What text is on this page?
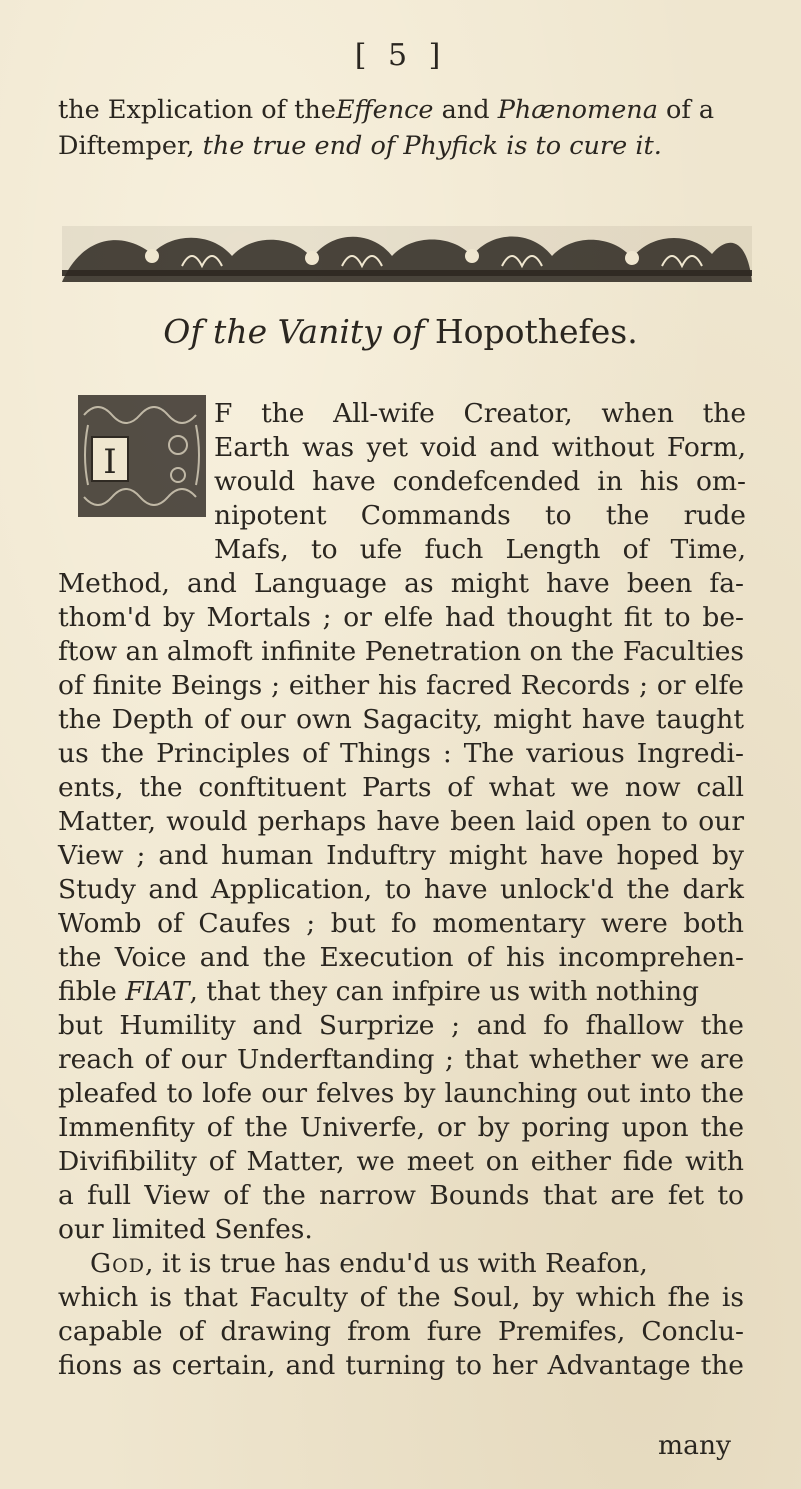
[ 5 ]
the Explication of theEffence and Phænomena of a
Diftemper, the true end of Phyfick is to cure it.
Of the Vanity of Hopothefes.
I
F the All-wife Creator, when the
Earth was yet void and without Form,
would have condefcended in his om-
nipotent Commands to the rude
Mafs, to ufe fuch Length of Time,
Method, and Language as might have been fa-
thom'd by Mortals ; or elfe had thought fit to be-
ftow an almoft infinite Penetration on the Faculties
of finite Beings ; either his facred Records ; or elfe
the Depth of our own Sagacity, might have taught
us the Principles of Things : The various Ingredi-
ents, the conftituent Parts of what we now call
Matter, would perhaps have been laid open to our
View ; and human Induftry might have hoped by
Study and Application, to have unlock'd the dark
Womb of Caufes ; but fo momentary were both
the Voice and the Execution of his incomprehen-
fible FIAT, that they can infpire us with nothing
but Humility and Surprize ; and fo fhallow the
reach of our Underftanding ; that whether we are
pleafed to lofe our felves by launching out into the
Immenfity of the Univerfe, or by poring upon the
Divifibility of Matter, we meet on either fide with
a full View of the narrow Bounds that are fet to
our limited Senfes.
God, it is true has endu'd us with Reafon,
which is that Faculty of the Soul, by which fhe is
capable of drawing from fure Premifes, Conclu-
fions as certain, and turning to her Advantage the
many
